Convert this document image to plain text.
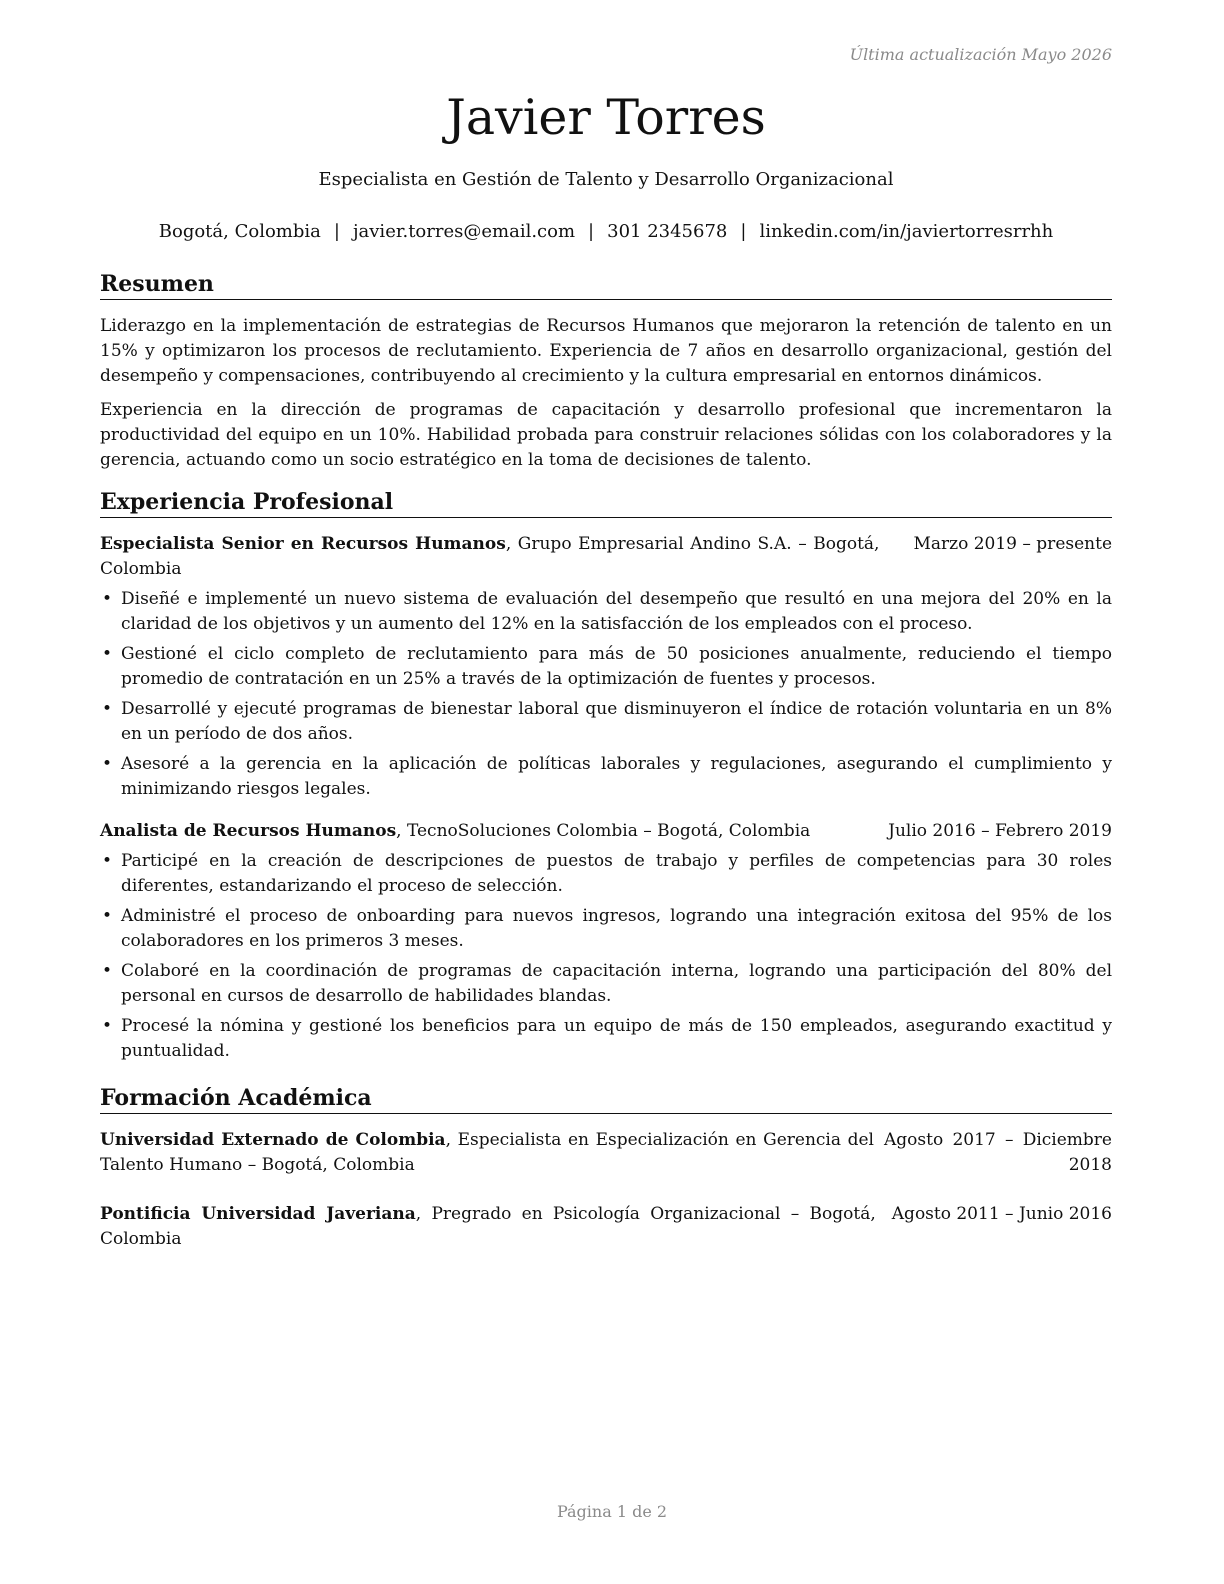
Última actualización Mayo 2026
Javier Torres
Especialista en Gestión de Talento y Desarrollo Organizacional
Bogotá, Colombia | javier.torres@email.com | 301 2345678 | linkedin.com/in/javiertorresrrhh
Resumen

Liderazgo en la implementación de estrategias de Recursos Humanos que mejoraron la retención de talento en un 15% y optimizaron los procesos de reclutamiento. Experiencia de 7 años en desarrollo organizacional, gestión del desempeño y compensaciones, contribuyendo al crecimiento y la cultura empresarial en entornos dinámicos.

Experiencia en la dirección de programas de capacitación y desarrollo profesional que incrementaron la productividad del equipo en un 10%. Habilidad probada para construir relaciones sólidas con los colaboradores y la gerencia, actuando como un socio estratégico en la toma de decisiones de talento.

Experiencia Profesional
Especialista Senior en Recursos Humanos, Grupo Empresarial Andino S.A. – Bogotá, Colombia
Marzo 2019 – presente
• Diseñé e implementé un nuevo sistema de evaluación del desempeño que resultó en una mejora del 20% en la claridad de los objetivos y un aumento del 12% en la satisfacción de los empleados con el proceso.
• Gestioné el ciclo completo de reclutamiento para más de 50 posiciones anualmente, reduciendo el tiempo promedio de contratación en un 25% a través de la optimización de fuentes y procesos.
• Desarrollé y ejecuté programas de bienestar laboral que disminuyeron el índice de rotación voluntaria en un 8% en un período de dos años.
• Asesoré a la gerencia en la aplicación de políticas laborales y regulaciones, asegurando el cumplimiento y minimizando riesgos legales.
Analista de Recursos Humanos, TecnoSoluciones Colombia – Bogotá, Colombia	Julio 2016 – Febrero 2019
• Participé en la creación de descripciones de puestos de trabajo y perfiles de competencias para 30 roles diferentes, estandarizando el proceso de selección.
• Administré el proceso de onboarding para nuevos ingresos, logrando una integración exitosa del 95% de los colaboradores en los primeros 3 meses.
• Colaboré en la coordinación de programas de capacitación interna, logrando una participación del 80% del personal en cursos de desarrollo de habilidades blandas.
• Procesé la nómina y gestioné los beneficios para un equipo de más de 150 empleados, asegurando exactitud y puntualidad.
Formación Académica
Universidad Externado de Colombia, Especialista en Especialización en Gerencia del Talento Humano – Bogotá, Colombia
Agosto 2017 – Diciembre 2018
Pontificia Universidad Javeriana, Pregrado en Psicología Organizacional – Bogotá, Colombia
Agosto 2011 – Junio 2016
Página 1 de 2
